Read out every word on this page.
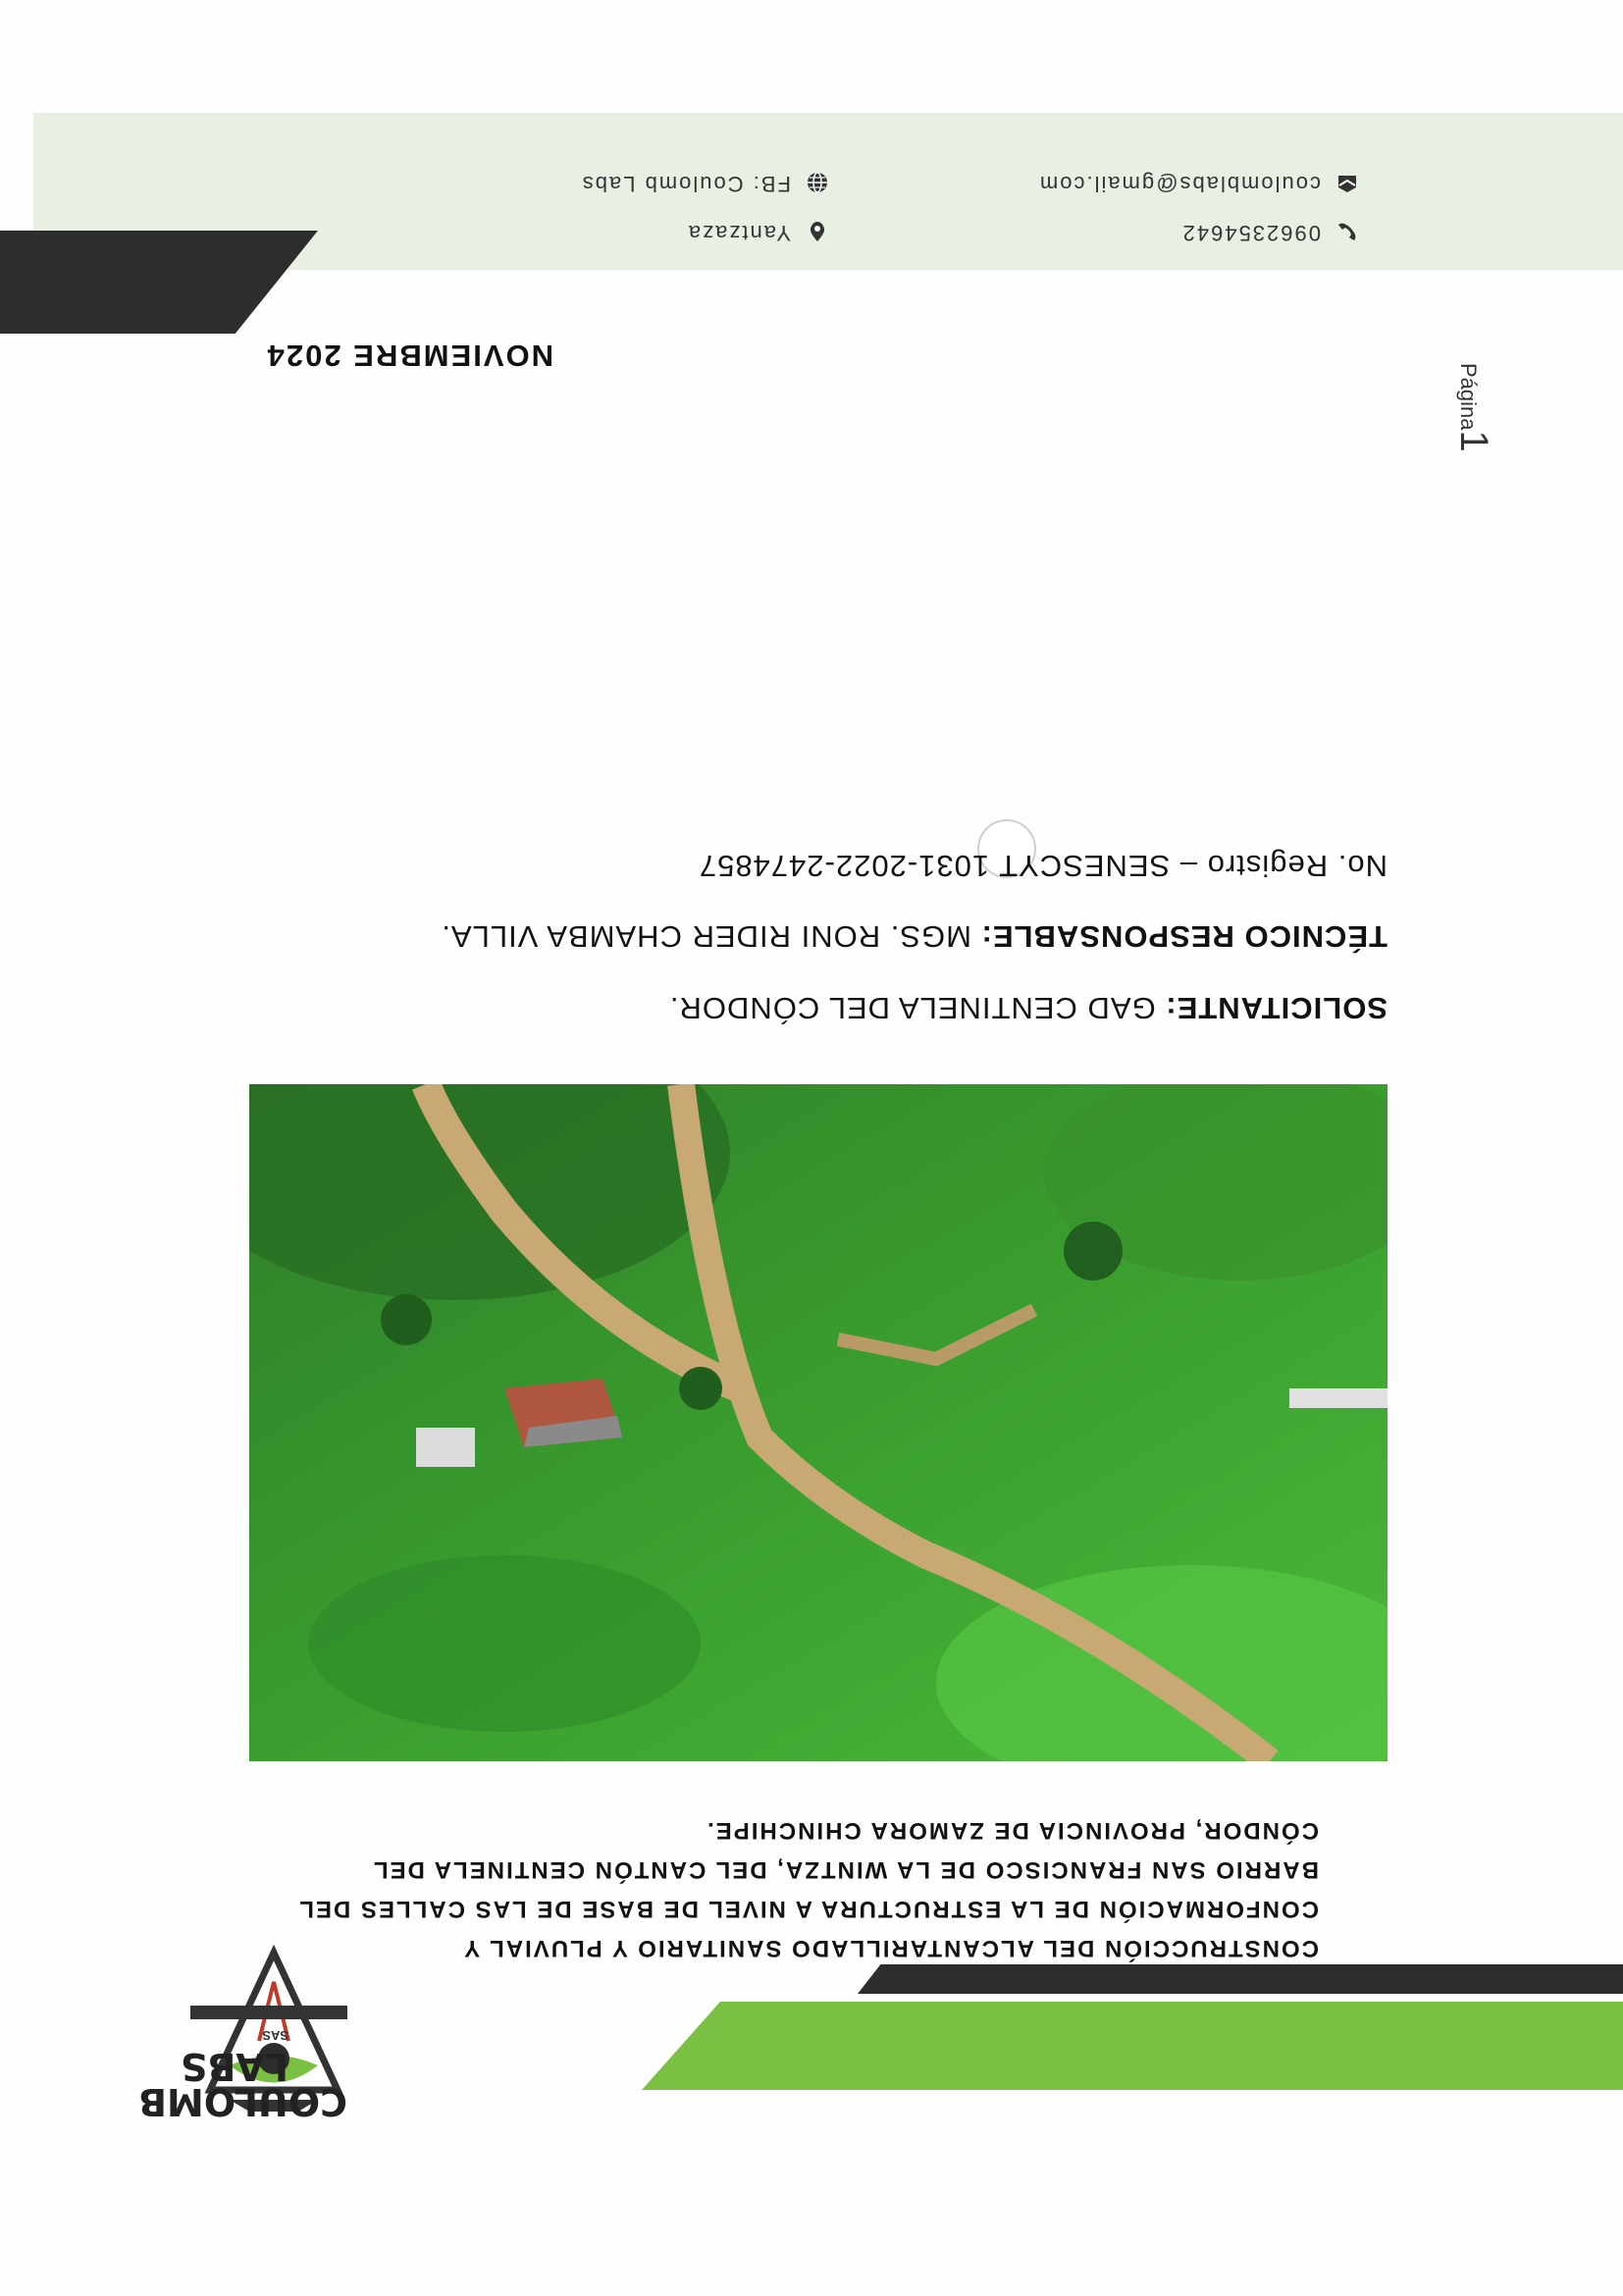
COULOMB LABS
SAS
CONSTRUCCIÓN DEL ALCANTARILLADO SANITARIO Y PLUVIAL Y CONFORMACIÓN DE LA ESTRUCTURA A NIVEL DE BASE DE LAS CALLES DEL BARRIO SAN FRANCISCO DE LA WINTZA, DEL CANTÓN CENTINELA DEL CÓNDOR, PROVINCIA DE ZAMORA CHINCHIPE.
SOLICITANTE: GAD CENTINELA DEL CÓNDOR.
TÉCNICO RESPONSABLE: MGS. RONI RIDER CHAMBA VILLA.
No. Registro – SENESCYT 1031-2022-2474857
NOVIEMBRE 2024
0962354642
coulomblabs@gmail.com
Yantzaza
FB: Coulomb Labs
Página1
